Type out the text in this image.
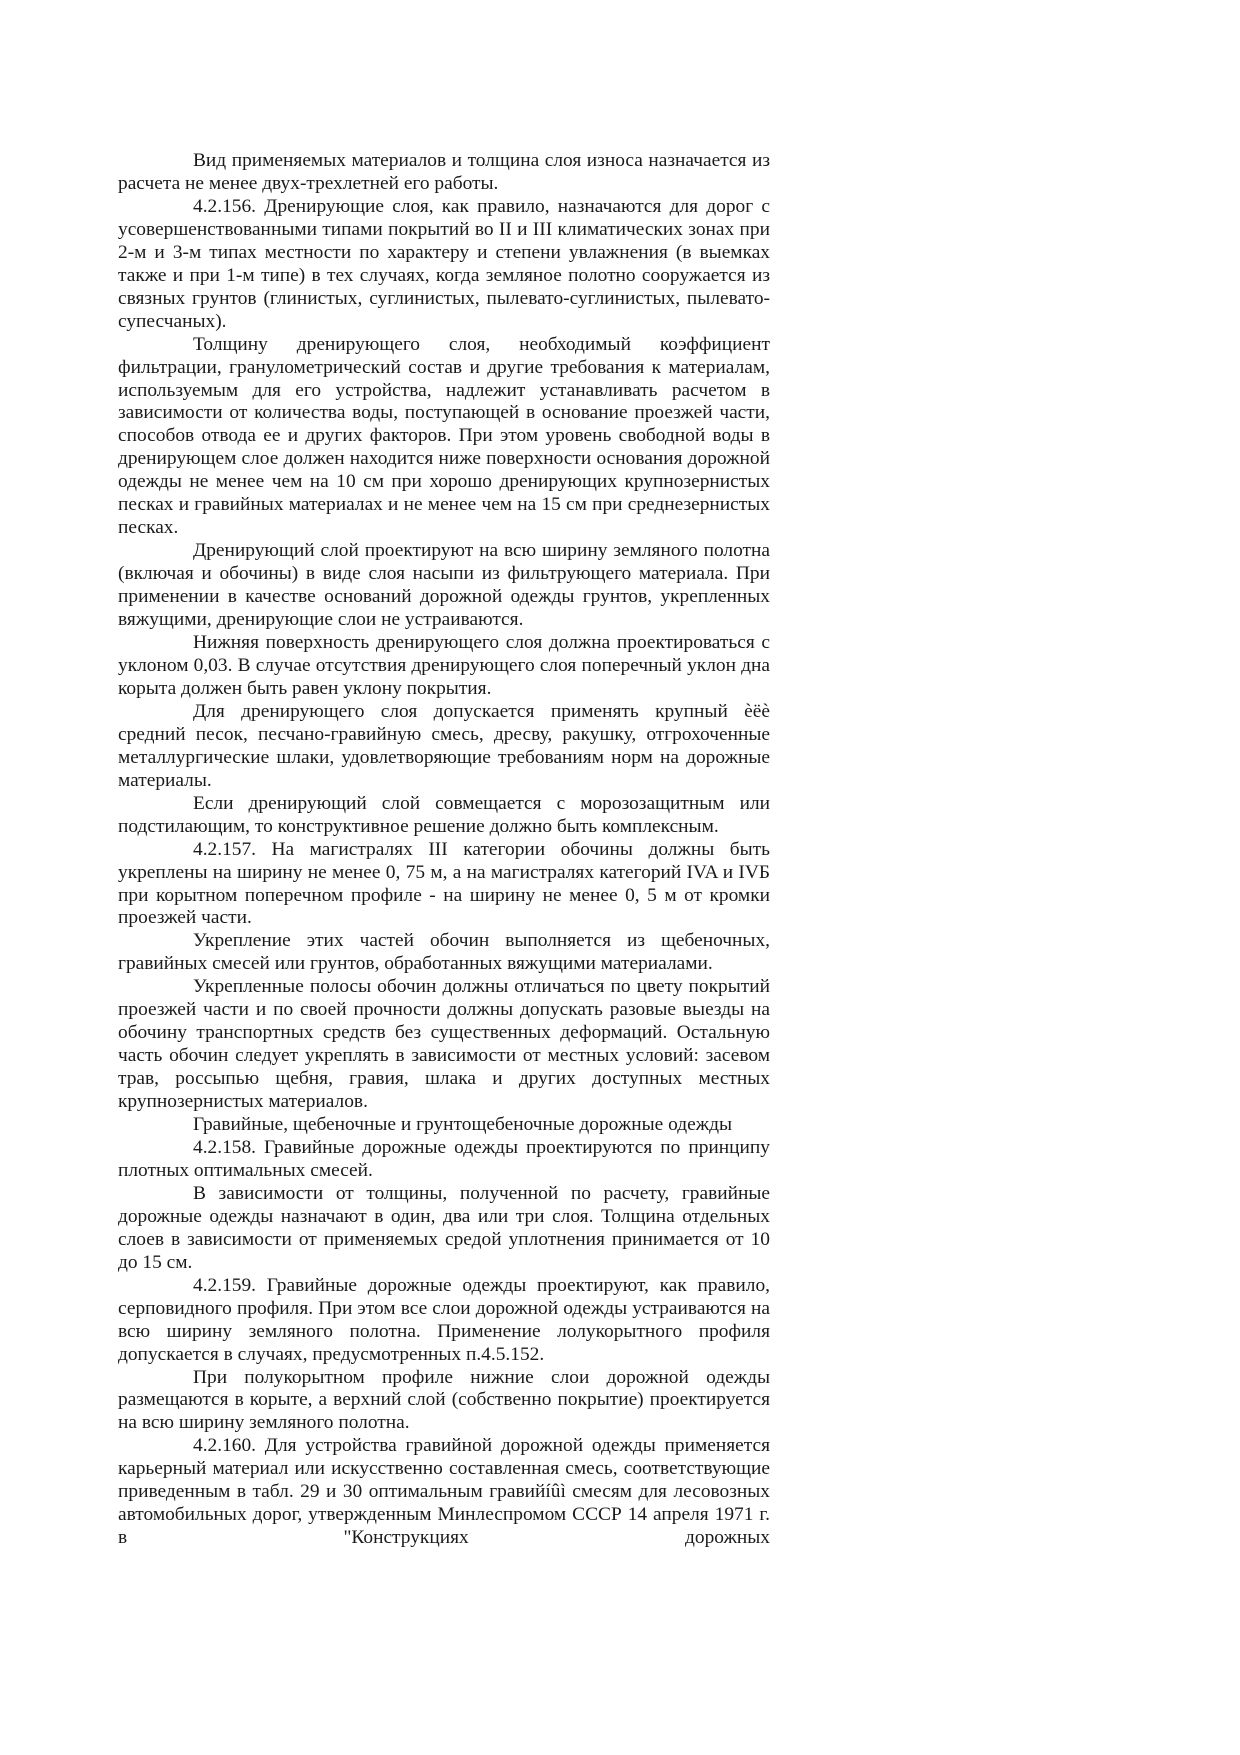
Вид применяемых материалов и толщина слоя износа назначается из расчета не менее двух-трехлетней его работы.

4.2.156. Дренирующие слоя, как правило, назначаются для дорог с усовершенствованными типами покрытий во II и III климатических зонах при 2-м и 3-м типах местности по характеру и степени увлажнения (в выемках также и при 1-м типе) в тех случаях, когда земляное полотно сооружается из связных грунтов (глинистых, суглинистых, пылевато-суглинистых, пылевато-супесчаных).

Толщину дренирующего слоя, необходимый коэффициент фильтрации, гранулометрический состав и другие требования к материалам, используемым для его устройства, надлежит устанавливать расчетом в зависимости от количества воды, поступающей в основание проезжей части, способов отвода ее и других факторов. При этом уровень свободной воды в дренирующем слое должен находится ниже поверхности основания дорожной одежды не менее чем на 10 см при хорошо дренирующих крупнозернистых песках и гравийных материалах и не менее чем на 15 см при среднезернистых песках.

Дренирующий слой проектируют на всю ширину земляного полотна (включая и обочины) в виде слоя насыпи из фильтрующего материала. При применении в качестве оснований дорожной одежды грунтов, укрепленных вяжущими, дренирующие слои не устраиваются.

Нижняя поверхность дренирующего слоя должна проектироваться с уклоном 0,03. В случае отсутствия дренирующего слоя поперечный уклон дна корыта должен быть равен уклону покрытия.

Для дренирующего слоя допускается применять крупный èëè средний песок, песчано-гравийную смесь, дресву, ракушку, отгрохоченные металлургические шлаки, удовлетворяющие требованиям норм на дорожные материалы.

Если дренирующий слой совмещается с морозозащитным или подстилающим, то конструктивное решение должно быть комплексным.

4.2.157. На магистралях III категории обочины должны быть укреплены на ширину не менее 0, 75 м, а на магистралях категорий IVA и IVБ при корытном поперечном профиле - на ширину не менее 0, 5 м от кромки проезжей части.

Укрепление этих частей обочин выполняется из щебеночных, гравийных смесей или грунтов, обработанных вяжущими материалами.

Укрепленные полосы обочин должны отличаться по цвету покрытий проезжей части и по своей прочности должны допускать разовые выезды на обочину транспортных средств без существенных деформаций. Остальную часть обочин следует укреплять в зависимости от местных условий: засевом трав, россыпью щебня, гравия, шлака и других доступных местных крупнозернистых материалов.

Гравийные, щебеночные и грунтощебеночные дорожные одежды

4.2.158. Гравийные дорожные одежды проектируются по принципу плотных оптимальных смесей.

В зависимости от толщины, полученной по расчету, гравийные дорожные одежды назначают в один, два или три слоя. Толщина отдельных слоев в зависимости от применяемых средой уплотнения принимается от 10 до 15 см.

4.2.159. Гравийные дорожные одежды проектируют, как правило, серповидного профиля. При этом все слои дорожной одежды устраиваются на всю ширину земляного полотна. Применение лолукорытного профиля допускается в случаях, предусмотренных п.4.5.152.

При полукорытном профиле нижние слои дорожной одежды размещаются в корыте, а верхний слой (собственно покрытие) проектируется на всю ширину земляного полотна.

4.2.160. Для устройства гравийной дорожной одежды применяется карьерный материал или искусственно составленная смесь, соответствующие приведенным в табл. 29 и 30 оптимальным гравийíûì смесям для лесовозных автомобильных дорог, утвержденным Минлеспромом СССР 14 апреля 1971 г. в "Конструкциях дорожных
